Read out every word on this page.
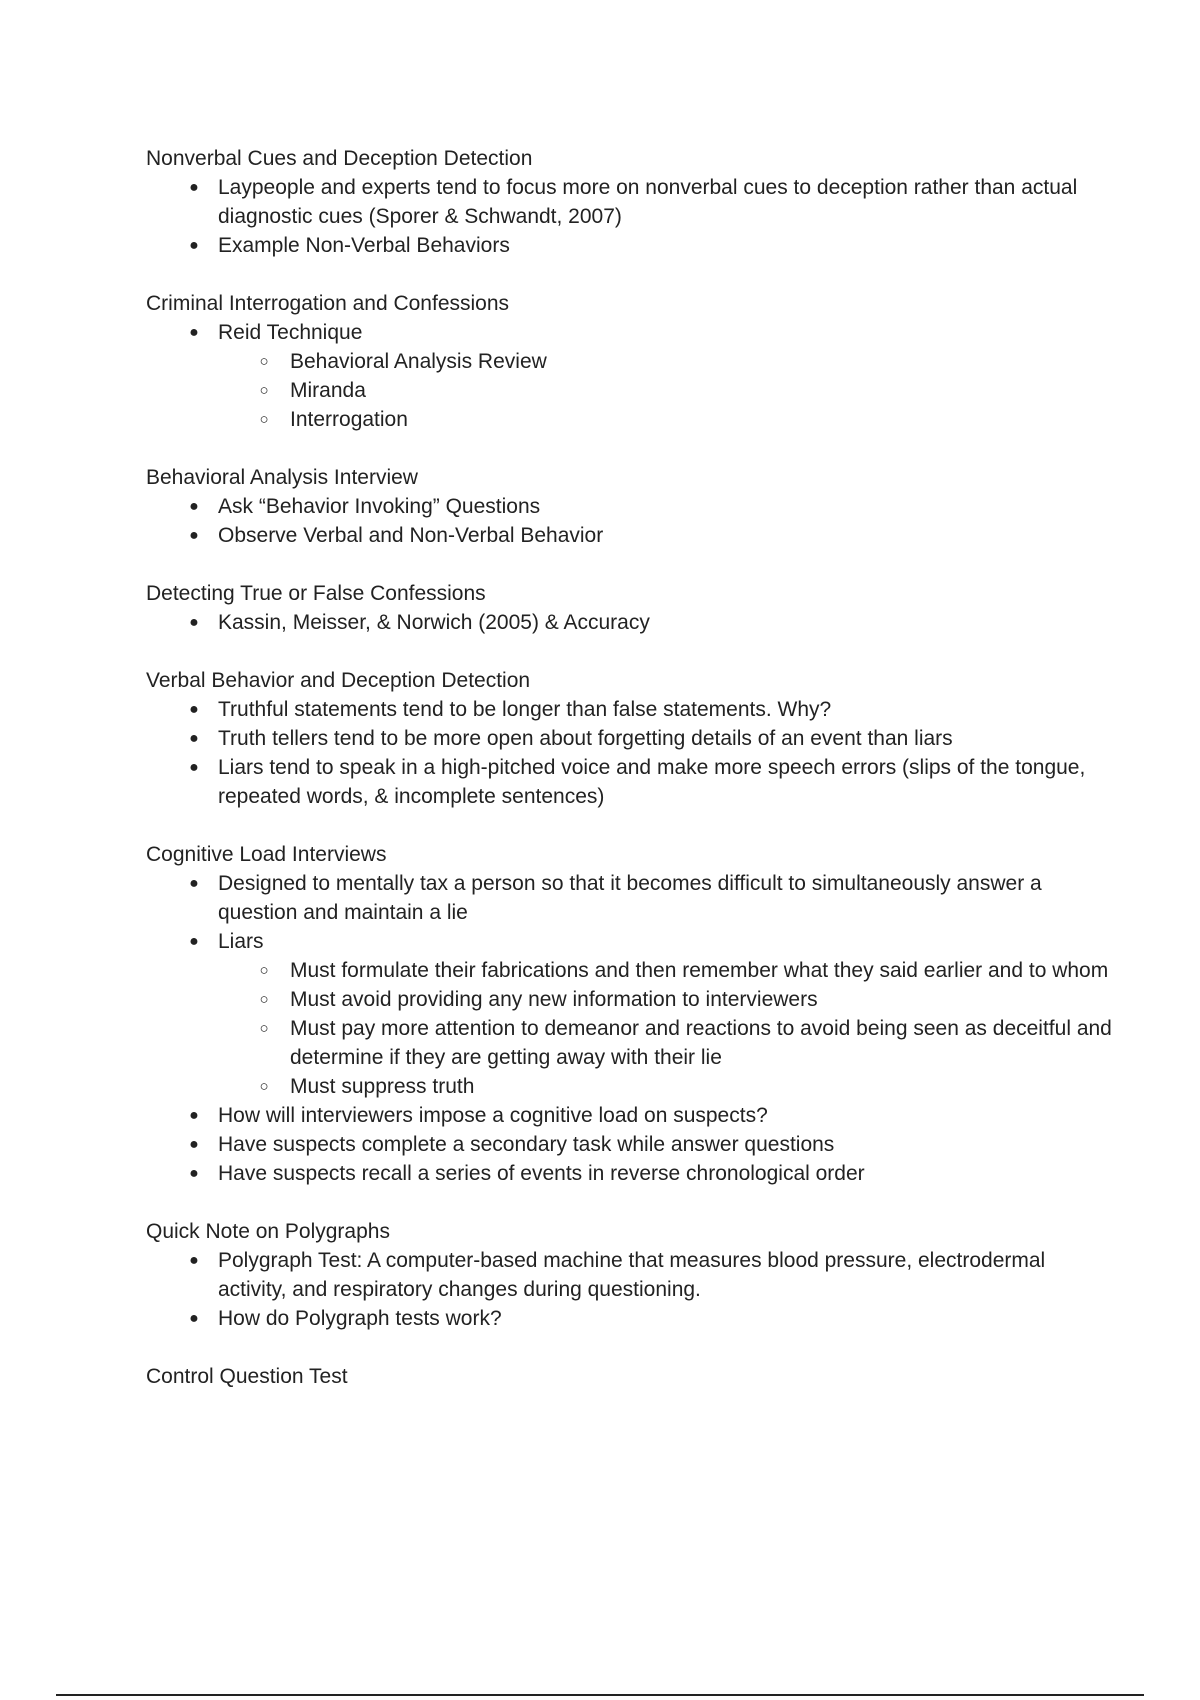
Nonverbal Cues and Deception Detection
● Laypeople and experts tend to focus more on nonverbal cues to deception rather than actual diagnostic cues (Sporer & Schwandt, 2007)
● Example Non-Verbal Behaviors
Criminal Interrogation and Confessions
● Reid Technique
○ Behavioral Analysis Review
○ Miranda
○ Interrogation
Behavioral Analysis Interview
● Ask “Behavior Invoking” Questions
● Observe Verbal and Non-Verbal Behavior
Detecting True or False Confessions
● Kassin, Meisser, & Norwich (2005) & Accuracy
Verbal Behavior and Deception Detection
● Truthful statements tend to be longer than false statements. Why?
● Truth tellers tend to be more open about forgetting details of an event than liars
● Liars tend to speak in a high-pitched voice and make more speech errors (slips of the tongue, repeated words, & incomplete sentences)
Cognitive Load Interviews
● Designed to mentally tax a person so that it becomes difficult to simultaneously answer a question and maintain a lie
● Liars
○ Must formulate their fabrications and then remember what they said earlier and to whom
○ Must avoid providing any new information to interviewers
○ Must pay more attention to demeanor and reactions to avoid being seen as deceitful and determine if they are getting away with their lie
○ Must suppress truth
● How will interviewers impose a cognitive load on suspects?
● Have suspects complete a secondary task while answer questions
● Have suspects recall a series of events in reverse chronological order
Quick Note on Polygraphs
● Polygraph Test: A computer-based machine that measures blood pressure, electrodermal activity, and respiratory changes during questioning.
● How do Polygraph tests work?
Control Question Test
